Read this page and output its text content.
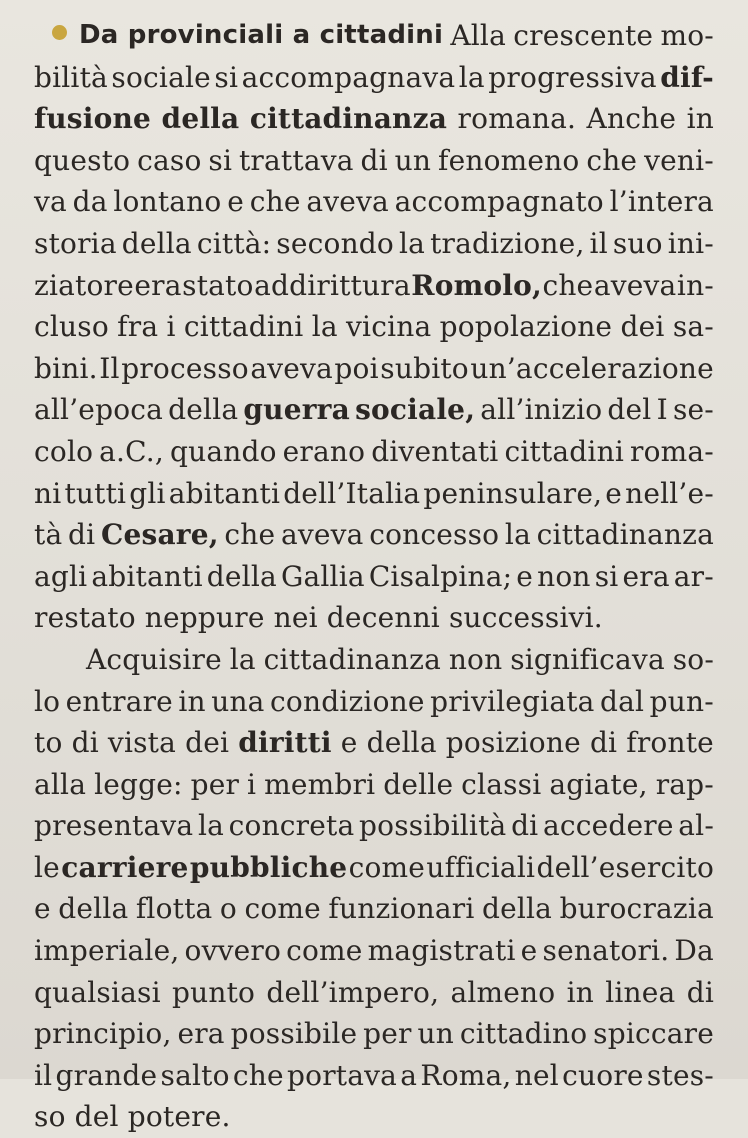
Da provinciali a cittadini Alla crescente mo-
bilità sociale si accompagnava la progressiva dif-
fusione della cittadinanza romana. Anche in
questo caso si trattava di un fenomeno che veni-
va da lontano e che aveva accompagnato l’intera
storia della città: secondo la tradizione, il suo ini-
ziatore era stato addirittura Romolo, che aveva in-
cluso fra i cittadini la vicina popolazione dei sa-
bini. Il processo aveva poi subito un’accelerazione
all’epoca della guerra sociale, all’inizio del I se-
colo a.C., quando erano diventati cittadini roma-
ni tutti gli abitanti dell’Italia peninsulare, e nell’e-
tà di Cesare, che aveva concesso la cittadinanza
agli abitanti della Gallia Cisalpina; e non si era ar-
restato neppure nei decenni successivi.
Acquisire la cittadinanza non significava so-
lo entrare in una condizione privilegiata dal pun-
to di vista dei diritti e della posizione di fronte
alla legge: per i membri delle classi agiate, rap-
presentava la concreta possibilità di accedere al-
le carriere pubbliche come ufficiali dell’esercito
e della flotta o come funzionari della burocrazia
imperiale, ovvero come magistrati e senatori. Da
qualsiasi punto dell’impero, almeno in linea di
principio, era possibile per un cittadino spiccare
il grande salto che portava a Roma, nel cuore stes-
so del potere.
